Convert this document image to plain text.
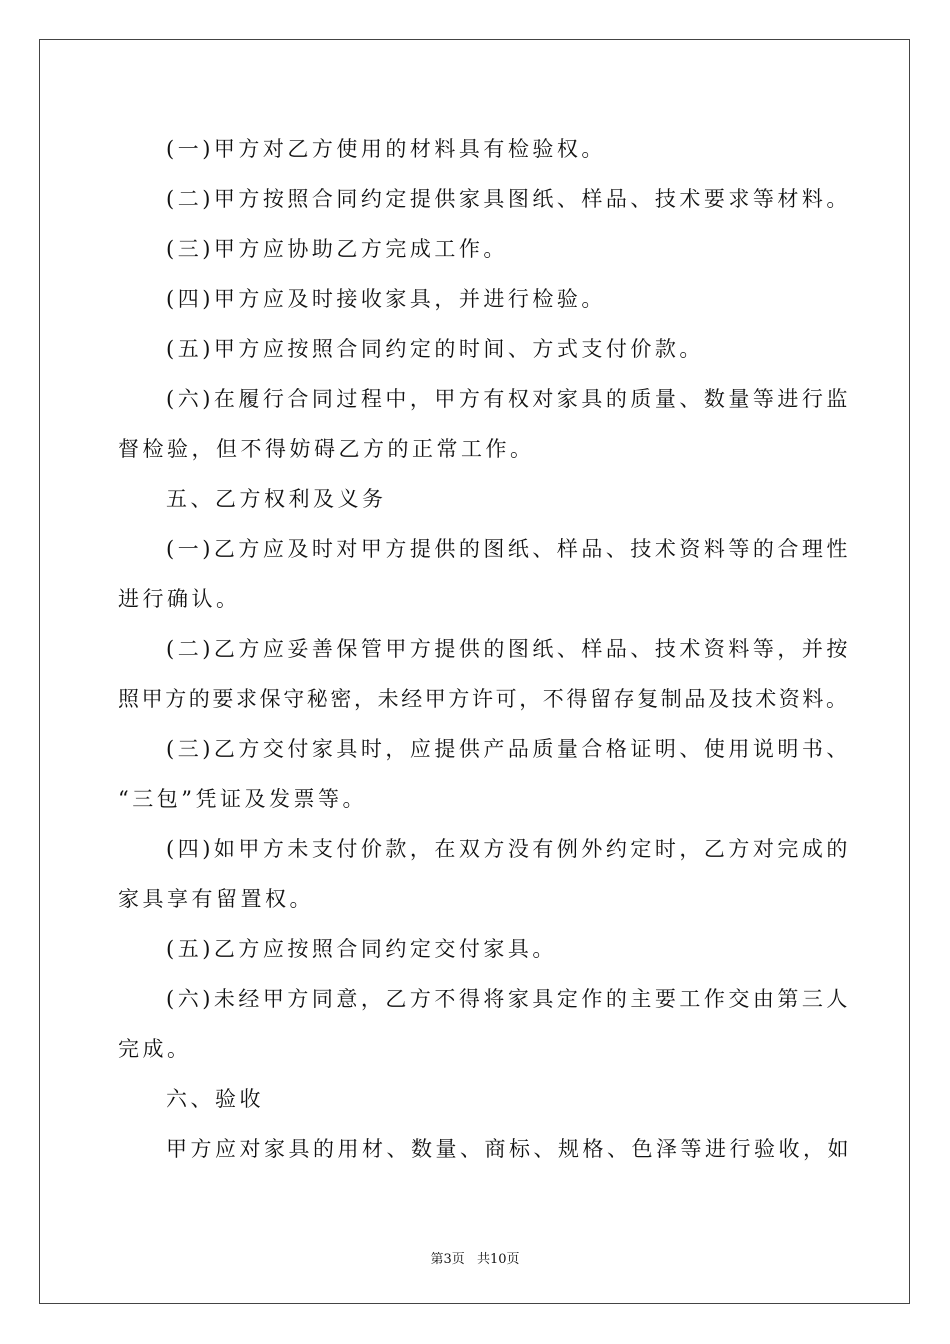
(一)甲方对乙方使用的材料具有检验权。
(二)甲方按照合同约定提供家具图纸、样品、技术要求等材料。
(三)甲方应协助乙方完成工作。
(四)甲方应及时接收家具，并进行检验。
(五)甲方应按照合同约定的时间、方式支付价款。
(六)在履行合同过程中，甲方有权对家具的质量、数量等进行监
督检验，但不得妨碍乙方的正常工作。
五、乙方权利及义务
(一)乙方应及时对甲方提供的图纸、样品、技术资料等的合理性
进行确认。
(二)乙方应妥善保管甲方提供的图纸、样品、技术资料等，并按
照甲方的要求保守秘密，未经甲方许可，不得留存复制品及技术资料。
(三)乙方交付家具时，应提供产品质量合格证明、使用说明书、
“三包”凭证及发票等。
(四)如甲方未支付价款，在双方没有例外约定时，乙方对完成的
家具享有留置权。
(五)乙方应按照合同约定交付家具。
(六)未经甲方同意，乙方不得将家具定作的主要工作交由第三人
完成。
六、验收
甲方应对家具的用材、数量、商标、规格、色泽等进行验收，如
第3页 共10页
